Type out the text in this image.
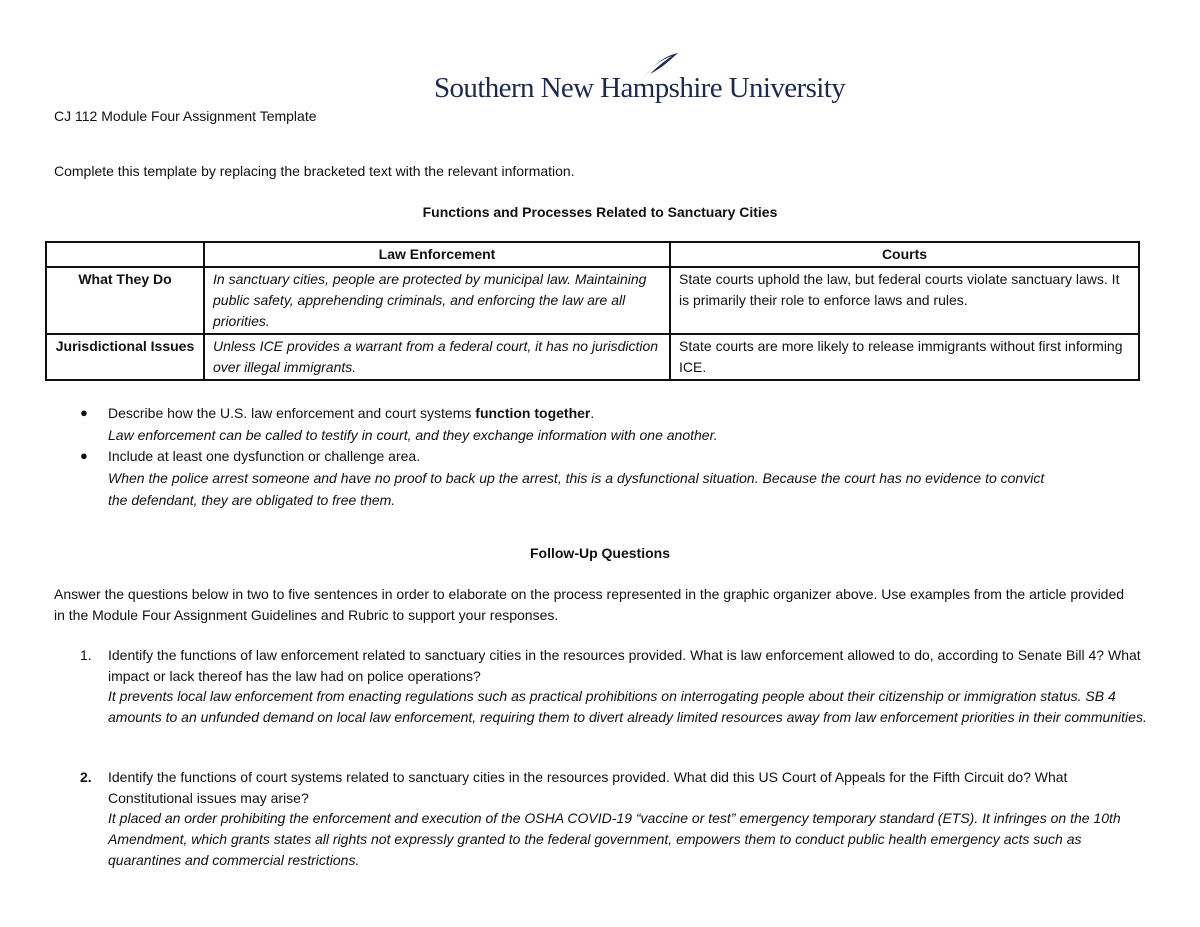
Southern New Hampshire University
CJ 112 Module Four Assignment Template
Complete this template by replacing the bracketed text with the relevant information.
Functions and Processes Related to Sanctuary Cities
	Law Enforcement	Courts
What They Do	In sanctuary cities, people are protected by municipal law. Maintaining public safety, apprehending criminals, and enforcing the law are all priorities.	State courts uphold the law, but federal courts violate sanctuary laws. It is primarily their role to enforce laws and rules.
Jurisdictional Issues	Unless ICE provides a warrant from a federal court, it has no jurisdiction over illegal immigrants.	State courts are more likely to release immigrants without first informing ICE.
● Describe how the U.S. law enforcement and court systems function together.
Law enforcement can be called to testify in court, and they exchange information with one another.
● Include at least one dysfunction or challenge area.
When the police arrest someone and have no proof to back up the arrest, this is a dysfunctional situation. Because the court has no evidence to convict
the defendant, they are obligated to free them.
Follow-Up Questions
Answer the questions below in two to five sentences in order to elaborate on the process represented in the graphic organizer above. Use examples from the article provided in the Module Four Assignment Guidelines and Rubric to support your responses.
1. Identify the functions of law enforcement related to sanctuary cities in the resources provided. What is law enforcement allowed to do, according to Senate Bill 4? What impact or lack thereof has the law had on police operations?
It prevents local law enforcement from enacting regulations such as practical prohibitions on interrogating people about their citizenship or immigration status. SB 4 amounts to an unfunded demand on local law enforcement, requiring them to divert already limited resources away from law enforcement priorities in their communities.
2. Identify the functions of court systems related to sanctuary cities in the resources provided. What did this US Court of Appeals for the Fifth Circuit do? What Constitutional issues may arise?
It placed an order prohibiting the enforcement and execution of the OSHA COVID-19 “vaccine or test” emergency temporary standard (ETS). It infringes on the 10th Amendment, which grants states all rights not expressly granted to the federal government, empowers them to conduct public health emergency acts such as quarantines and commercial restrictions.
